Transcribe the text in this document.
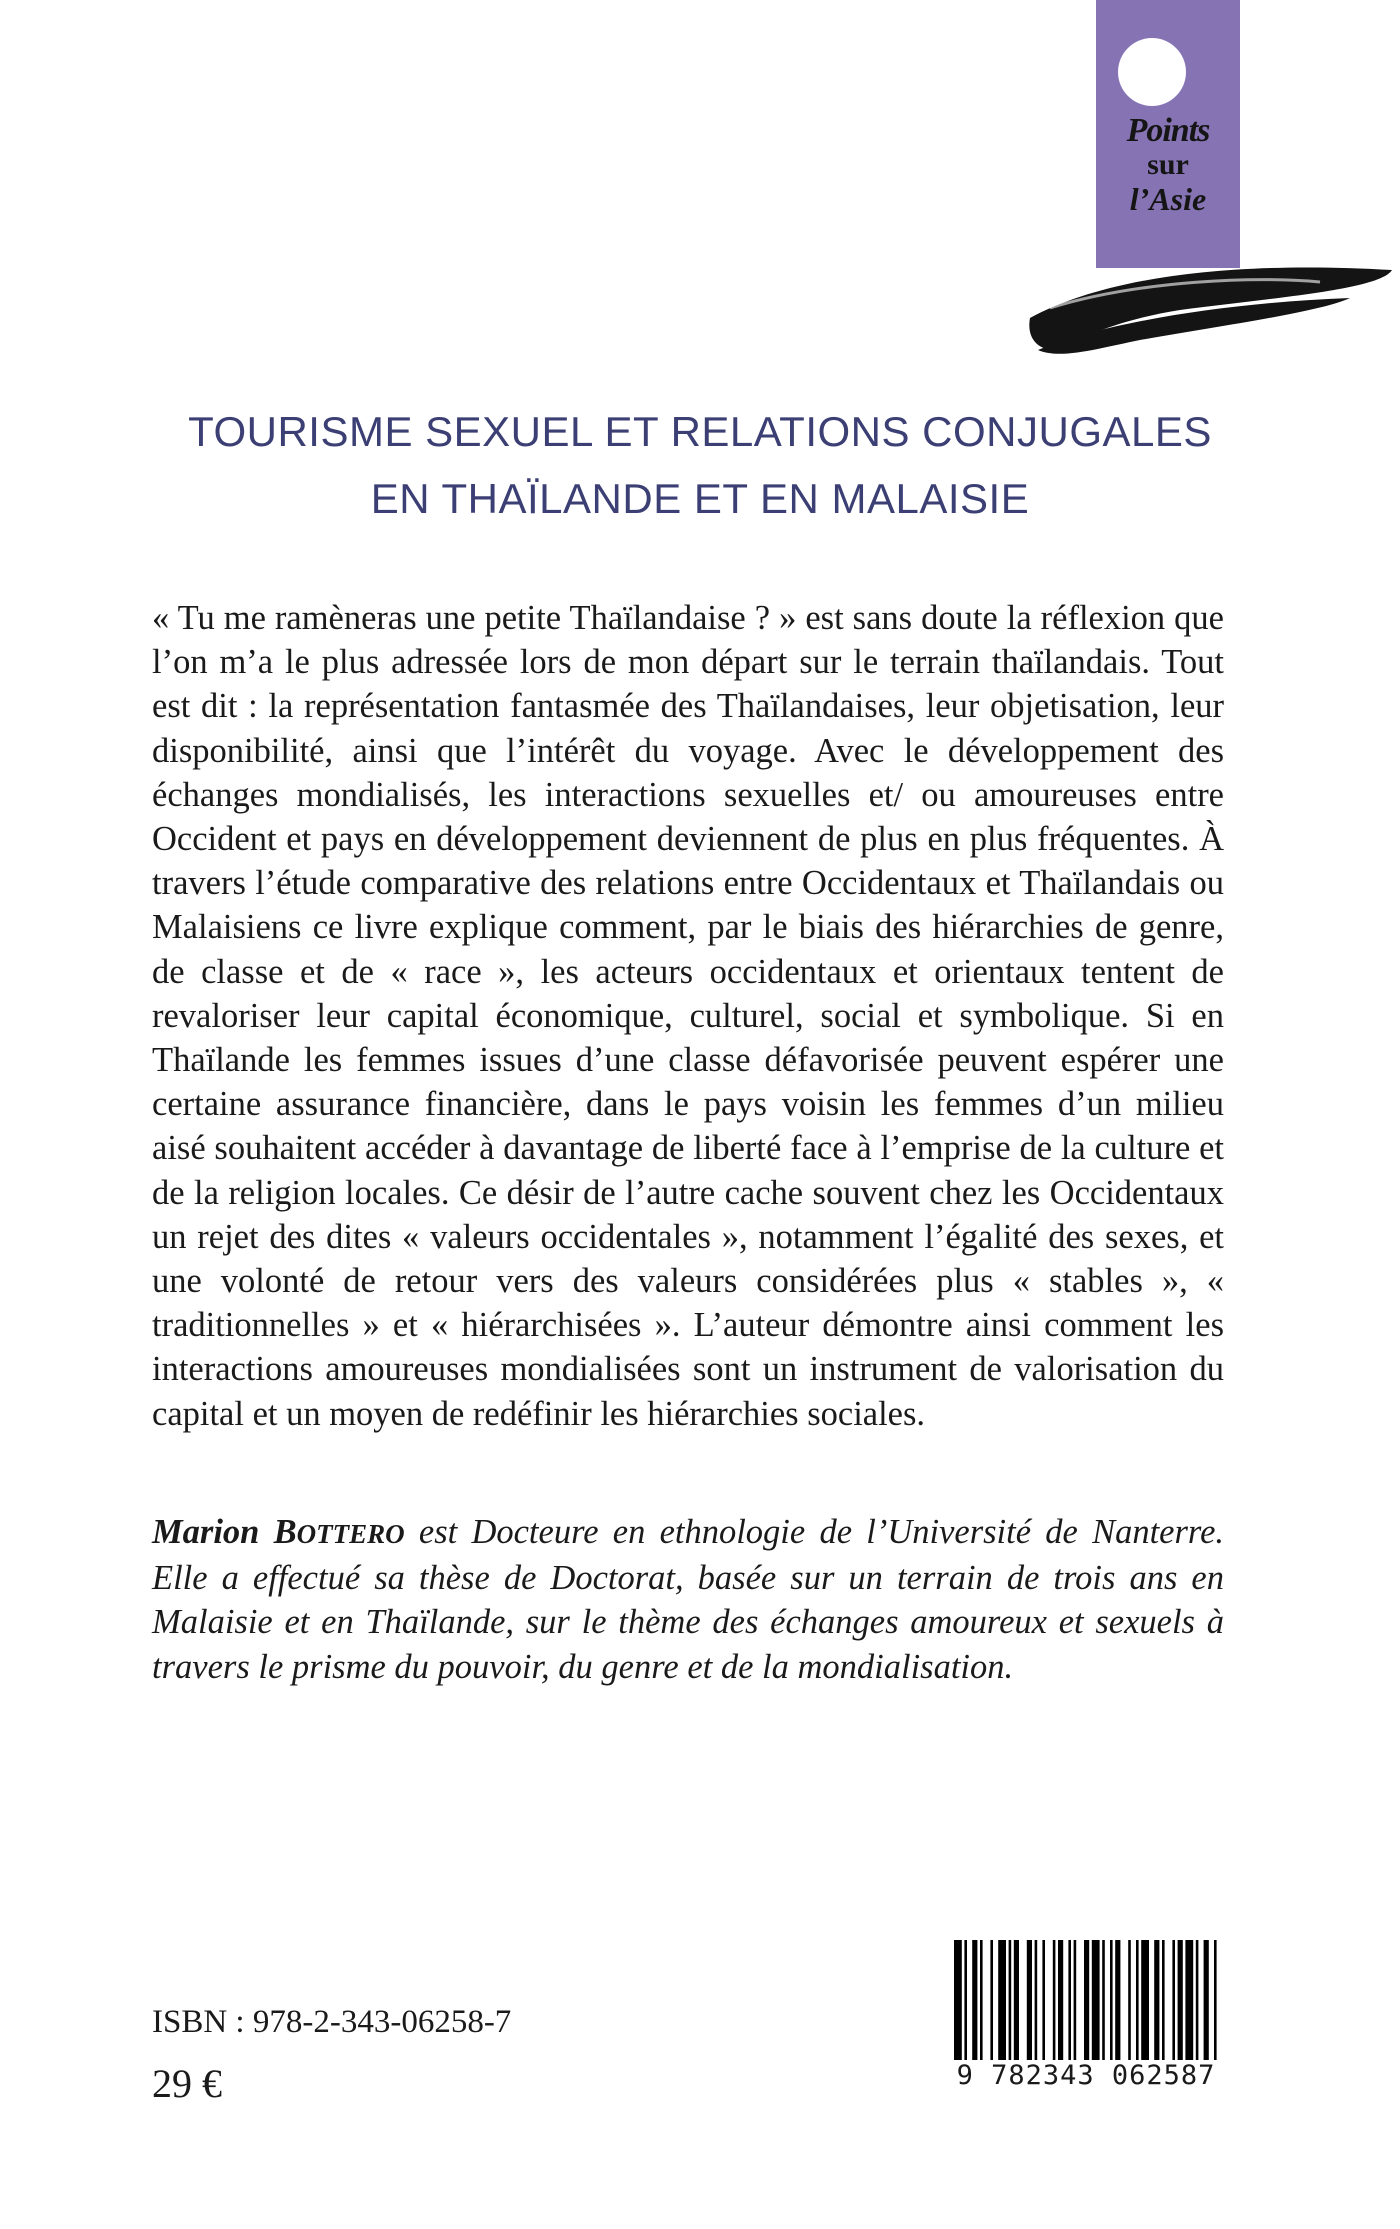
Points
sur
l’Asie
TOURISME SEXUEL ET RELATIONS CONJUGALES
EN THAÏLANDE ET EN MALAISIE

« Tu me ramèneras une petite Thaïlandaise ? » est sans doute la réflexion que l’on m’a le plus adressée lors de mon départ sur le terrain thaïlandais. Tout est dit : la représentation fantasmée des Thaïlandaises, leur objetisation, leur disponibilité, ainsi que l’intérêt du voyage. Avec le développement des échanges mondialisés, les interactions sexuelles et/ ou amoureuses entre Occident et pays en développement deviennent de plus en plus fréquentes. À travers l’étude comparative des relations entre Occidentaux et Thaïlandais ou Malaisiens ce livre explique comment, par le biais des hiérarchies de genre, de classe et de « race », les acteurs occidentaux et orientaux tentent de revaloriser leur capital économique, culturel, social et symbolique. Si en Thaïlande les femmes issues d’une classe défavorisée peuvent espérer une certaine assurance financière, dans le pays voisin les femmes d’un milieu aisé souhaitent accéder à davantage de liberté face à l’emprise de la culture et de la religion locales. Ce désir de l’autre cache souvent chez les Occidentaux un rejet des dites « valeurs occidentales », notamment l’égalité des sexes, et une volonté de retour vers des valeurs considérées plus « stables », « traditionnelles » et « hiérarchisées ». L’auteur démontre ainsi comment les interactions amoureuses mondialisées sont un instrument de valorisation du capital et un moyen de redéfinir les hiérarchies sociales.

Marion BOTTERO est Docteure en ethnologie de l’Université de Nanterre. Elle a effectué sa thèse de Doctorat, basée sur un terrain de trois ans en Malaisie et en Thaïlande, sur le thème des échanges amoureux et sexuels à travers le prisme du pouvoir, du genre et de la mondialisation.

ISBN : 978-2-343-06258-7
29 €	9 782343 062587
